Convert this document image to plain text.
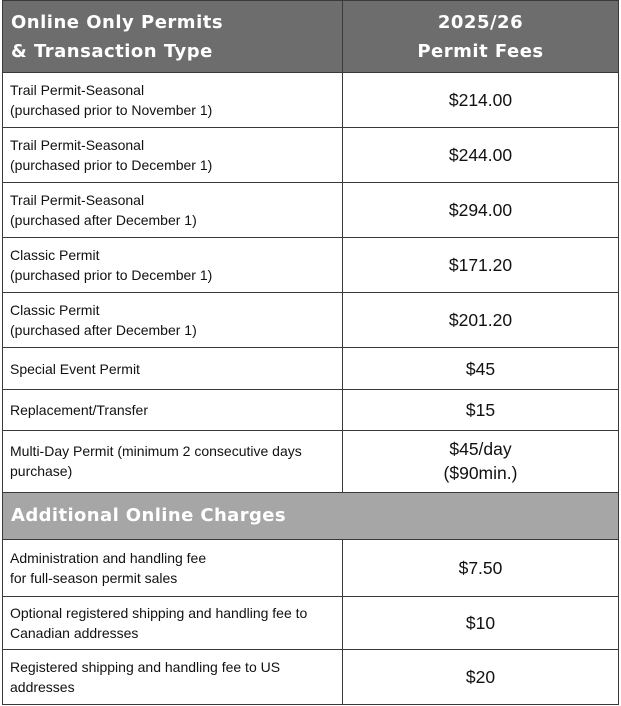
Online Only Permits
& Transaction Type	2025/26
Permit Fees

Trail Permit-Seasonal
(purchased prior to November 1)	$214.00

Trail Permit-Seasonal
(purchased prior to December 1)	$244.00

Trail Permit-Seasonal
(purchased after December 1)	$294.00

Classic Permit
(purchased prior to December 1)	$171.20

Classic Permit
(purchased after December 1)	$201.20
Special Event Permit	$45
Replacement/Transfer	$15

Multi-Day Permit (minimum 2 consecutive days
purchase)	$45/day
($90min.)

Additional Online Charges	

Administration and handling fee
for full-season permit sales	$7.50

Optional registered shipping and handling fee to
Canadian addresses	$10

Registered shipping and handling fee to US
addresses	$20
